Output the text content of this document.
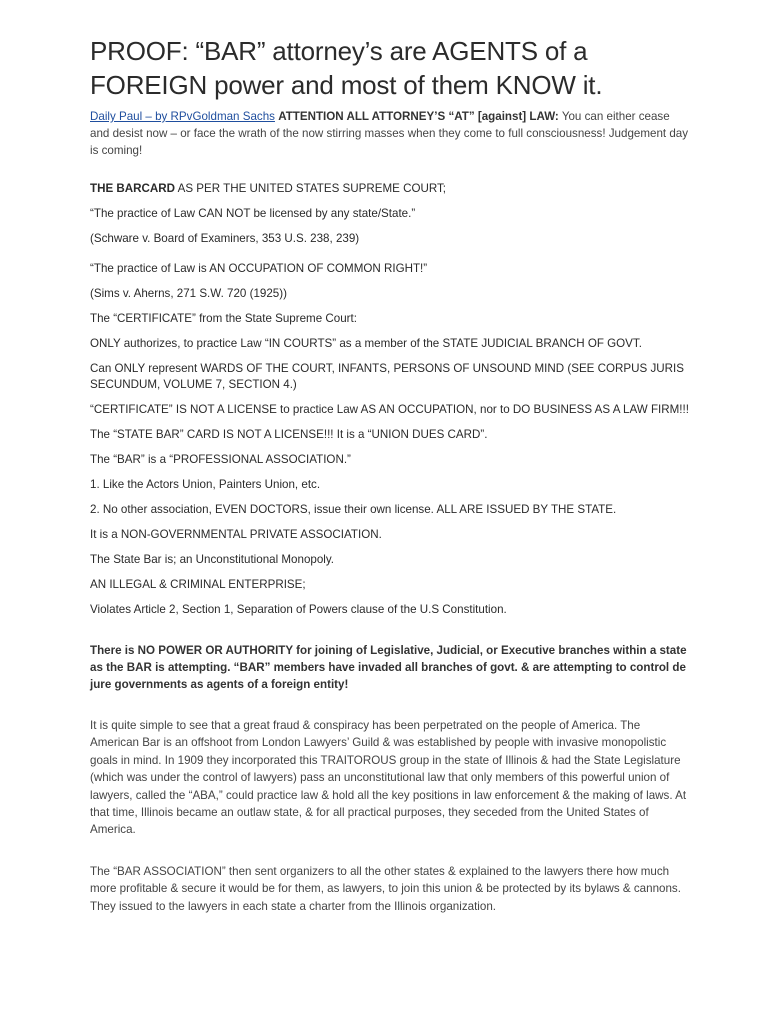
PROOF: “BAR” attorney’s are AGENTS of a FOREIGN power and most of them KNOW it.

Daily Paul – by RPvGoldman Sachs ATTENTION ALL ATTORNEY’S “AT” [against] LAW: You can either cease and desist now – or face the wrath of the now stirring masses when they come to full consciousness! Judgement day is coming!

THE BARCARD AS PER THE UNITED STATES SUPREME COURT;

“The practice of Law CAN NOT be licensed by any state/State.”

(Schware v. Board of Examiners, 353 U.S. 238, 239)

“The practice of Law is AN OCCUPATION OF COMMON RIGHT!”

(Sims v. Aherns, 271 S.W. 720 (1925))

The “CERTIFICATE” from the State Supreme Court:

ONLY authorizes, to practice Law “IN COURTS” as a member of the STATE JUDICIAL BRANCH OF GOVT.

Can ONLY represent WARDS OF THE COURT, INFANTS, PERSONS OF UNSOUND MIND (SEE CORPUS JURIS SECUNDUM, VOLUME 7, SECTION 4.)

“CERTIFICATE” IS NOT A LICENSE to practice Law AS AN OCCUPATION, nor to DO BUSINESS AS A LAW FIRM!!!

The “STATE BAR” CARD IS NOT A LICENSE!!! It is a “UNION DUES CARD”.

The “BAR” is a “PROFESSIONAL ASSOCIATION.”

1. Like the Actors Union, Painters Union, etc.

2. No other association, EVEN DOCTORS, issue their own license. ALL ARE ISSUED BY THE STATE.

It is a NON-GOVERNMENTAL PRIVATE ASSOCIATION.

The State Bar is; an Unconstitutional Monopoly.

AN ILLEGAL & CRIMINAL ENTERPRISE;

Violates Article 2, Section 1, Separation of Powers clause of the U.S Constitution.

There is NO POWER OR AUTHORITY for joining of Legislative, Judicial, or Executive branches within a state as the BAR is attempting. “BAR” members have invaded all branches of govt. & are attempting to control de jure governments as agents of a foreign entity!

It is quite simple to see that a great fraud & conspiracy has been perpetrated on the people of America. The American Bar is an offshoot from London Lawyers’ Guild & was established by people with invasive monopolistic goals in mind. In 1909 they incorporated this TRAITOROUS group in the state of Illinois & had the State Legislature (which was under the control of lawyers) pass an unconstitutional law that only members of this powerful union of lawyers, called the “ABA,” could practice law & hold all the key positions in law enforcement & the making of laws. At that time, Illinois became an outlaw state, & for all practical purposes, they seceded from the United States of America.

The “BAR ASSOCIATION” then sent organizers to all the other states & explained to the lawyers there how much more profitable & secure it would be for them, as lawyers, to join this union & be protected by its bylaws & cannons. They issued to the lawyers in each state a charter from the Illinois organization.
